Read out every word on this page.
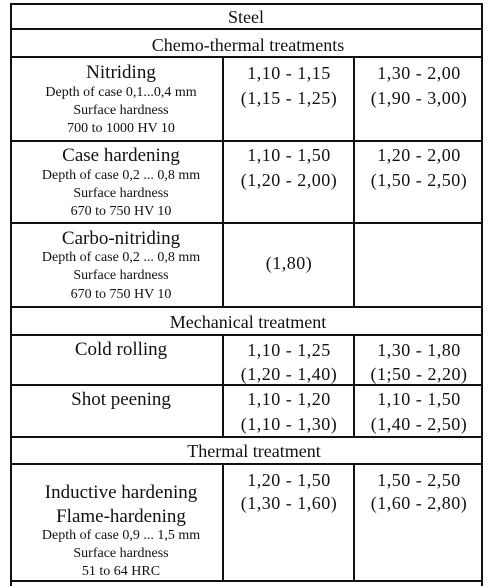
Steel
Chemo-thermal treatments
Nitriding
Depth of case 0,1...0,4 mm
Surface hardness
700 to 1000 HV 10
1,10 - 1,15
(1,15 - 1,25)
1,30 - 2,00
(1,90 - 3,00)
Case hardening
Depth of case 0,2 ... 0,8 mm
Surface hardness
670 to 750 HV 10
1,10 - 1,50
(1,20 - 2,00)
1,20 - 2,00
(1,50 - 2,50)
Carbo-nitriding
Depth of case 0,2 ... 0,8 mm
Surface hardness
670 to 750 HV 10
(1,80)
Mechanical treatment
Cold rolling	1,10 - 1,25
(1,20 - 1,40)
1,30 - 1,80
(1;50 - 2,20)
Shot peening	1,10 - 1,20
(1,10 - 1,30)
1,10 - 1,50
(1,40 - 2,50)
Thermal treatment
Inductive hardening
Flame-hardening
Depth of case 0,9 ... 1,5 mm
Surface hardness
51 to 64 HRC
1,20 - 1,50
(1,30 - 1,60)
1,50 - 2,50
(1,60 - 2,80)
